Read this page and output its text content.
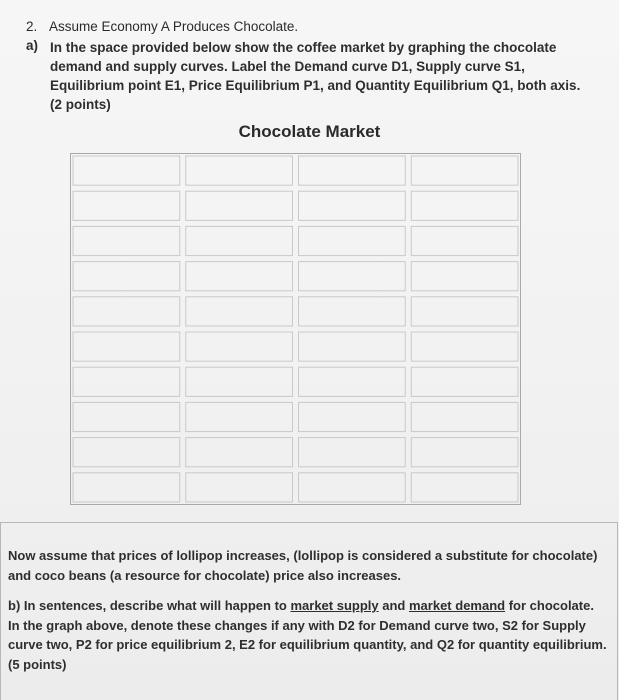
2. Assume Economy A Produces Chocolate.
a) In the space provided below show the coffee market by graphing the chocolate demand and supply curves. Label the Demand curve D1, Supply curve S1, Equilibrium point E1, Price Equilibrium P1, and Quantity Equilibrium Q1, both axis. (2 points)
Chocolate Market
Now assume that prices of lollipop increases, (lollipop is considered a substitute for chocolate) and coco beans (a resource for chocolate) price also increases.
b) In sentences, describe what will happen to market supply and market demand for chocolate. In the graph above, denote these changes if any with D2 for Demand curve two, S2 for Supply curve two, P2 for price equilibrium 2, E2 for equilibrium quantity, and Q2 for quantity equilibrium. (5 points)
